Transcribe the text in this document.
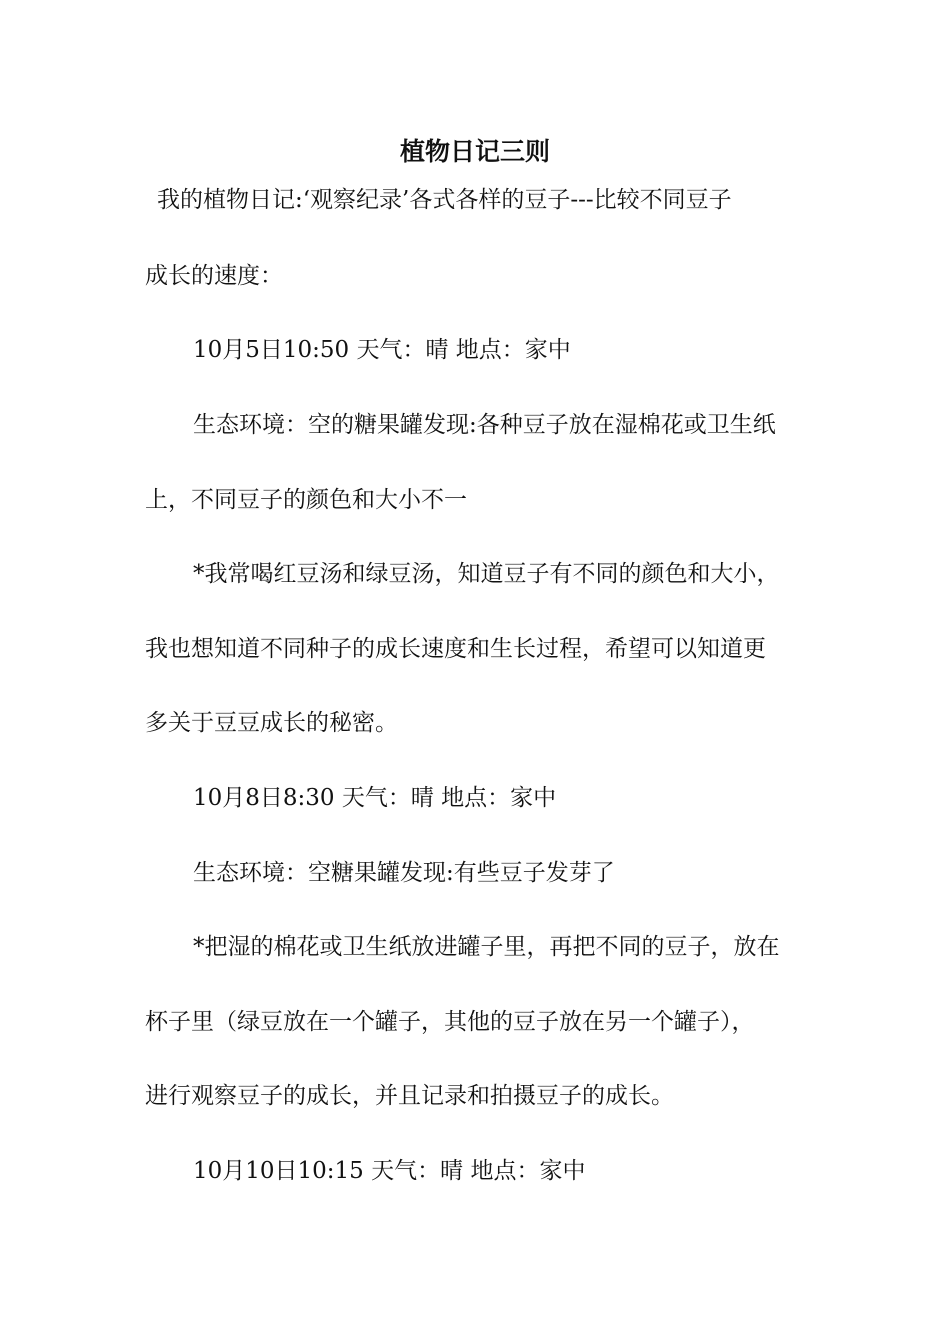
植物日记三则

我的植物日记:‘观察纪录’各式各样的豆子---比较不同豆子

成长的速度：

10月5日10:50 天气：晴 地点：家中

生态环境：空的糖果罐发现:各种豆子放在湿棉花或卫生纸

上，不同豆子的颜色和大小不一

*我常喝红豆汤和绿豆汤，知道豆子有不同的颜色和大小，

我也想知道不同种子的成长速度和生长过程，希望可以知道更

多关于豆豆成长的秘密。

10月8日8:30 天气：晴 地点：家中

生态环境：空糖果罐发现:有些豆子发芽了

*把湿的棉花或卫生纸放进罐子里，再把不同的豆子，放在

杯子里（绿豆放在一个罐子，其他的豆子放在另一个罐子），

进行观察豆子的成长，并且记录和拍摄豆子的成长。

10月10日10:15 天气：晴 地点：家中
